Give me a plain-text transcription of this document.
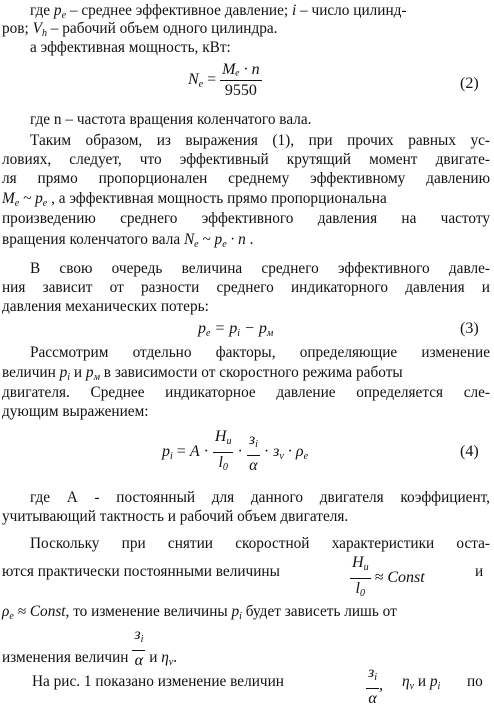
где $p_e$ – среднее эффективное давление; i – число цилинд-
ров; $V_h$ – рабочий объем одного цилиндра.
а эффективная мощность, кВт:
$N_e = \frac{\text{Mₑ · n}}{9550}$	(2)
где n – частота вращения коленчатого вала.
Таким образом, из выражения (1), при прочих равных ус-
ловиях, следует, что эффективный крутящий момент двигате-
ля прямо пропорционален среднему эффективному давлению
$M_e$ ~ $p_e$ , а эффективная мощность прямо пропорциональна
произведению среднего эффективного давления на частоту
вращения коленчатого вала $N_e$ ~ $p_e \cdot n$ .
В свою очередь величина среднего эффективного давле-
ния зависит от разности среднего индикаторного давления и
давления механических потерь:
$p_e = p_i - p_м$	(3)
Рассмотрим отдельно факторы, определяющие изменение
величин $p_i$ и $p_м$ в зависимости от скоростного режима работы
двигателя. Среднее индикаторное давление определяется сле-
дующим выражением:
$p_i = A \cdot \frac{H_u}{l_0} \cdot \frac{з_i}{\alpha} \cdot з_v \cdot \rho_e$	(4)
где А - постоянный для данного двигателя коэффициент,
учитывающий тактность и рабочий объем двигателя.
Поскольку при снятии скоростной характеристики оста-
ются практически постоянными величины	$\frac{H_u}{l_0}$ ≈ Const	и
$\rho_e$ ≈ Const, то изменение величины $p_i$ будет зависеть лишь от
изменения величин $\frac{з_i}{\alpha}$ и $\eta_v$.
На рис. 1 показано изменение величин	$\frac{з_i}{\alpha}$ , $\eta_v$ и $p_i$ по
